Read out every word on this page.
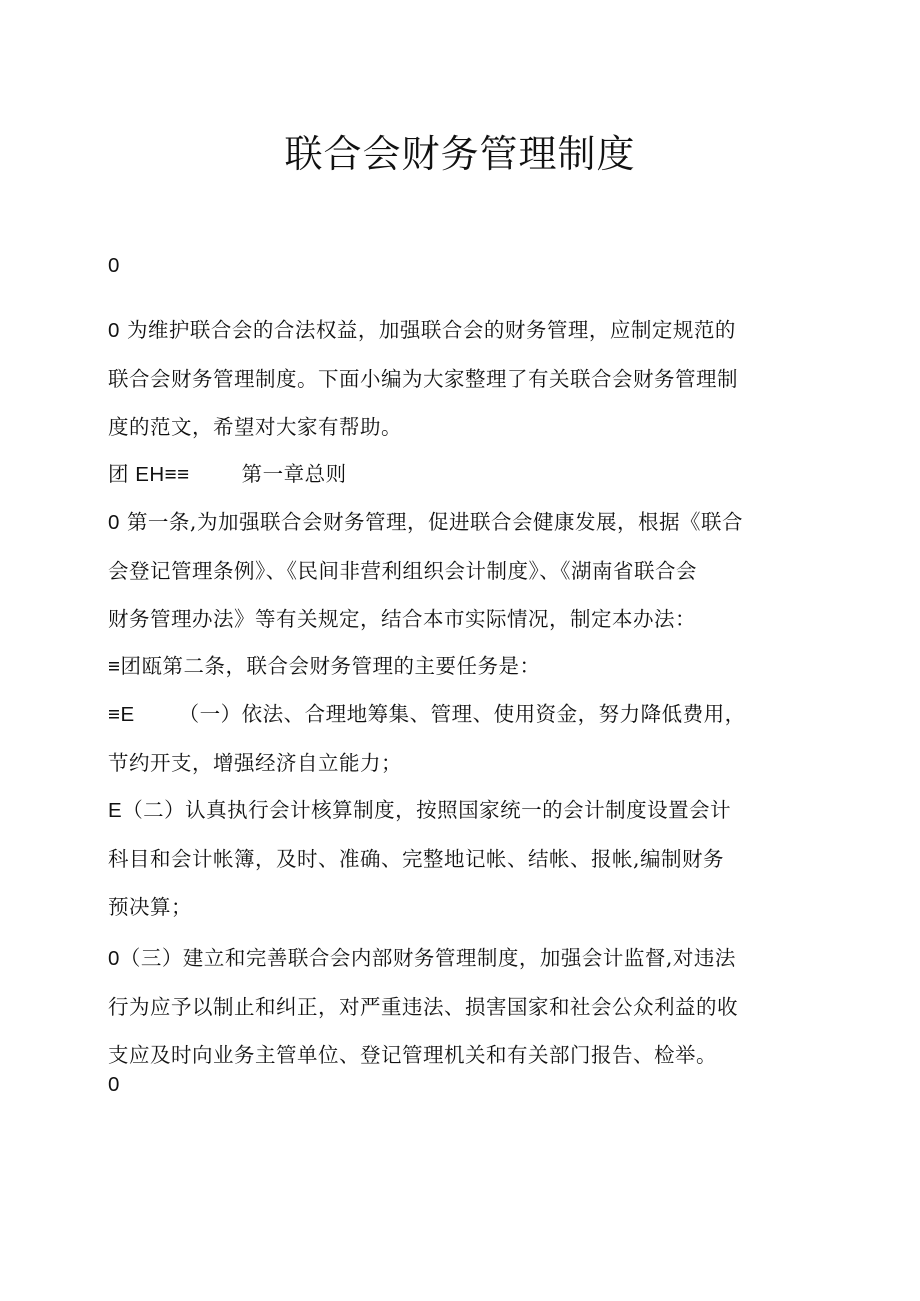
联合会财务管理制度

0

0 为维护联合会的合法权益，加强联合会的财务管理，应制定规范的
联合会财务管理制度。下面小编为大家整理了有关联合会财务管理制
度的范文，希望对大家有帮助。

团 EH≡≡	第一章总则

0 第一条,为加强联合会财务管理，促进联合会健康发展，根据《联合
会登记管理条例》、《民间非营利组织会计制度》、《湖南省联合会
财务管理办法》等有关规定，结合本市实际情况，制定本办法：

≡团瓯第二条，联合会财务管理的主要任务是：

≡E （一）依法、合理地筹集、管理、使用资金，努力降低费用，
节约开支，增强经济自立能力；

E（二）认真执行会计核算制度，按照国家统一的会计制度设置会计
科目和会计帐簿，及时、准确、完整地记帐、结帐、报帐,编制财务
预决算；

0（三）建立和完善联合会内部财务管理制度，加强会计监督,对违法
行为应予以制止和纠正，对严重违法、损害国家和社会公众利益的收
支应及时向业务主管单位、登记管理机关和有关部门报告、检举。

0
